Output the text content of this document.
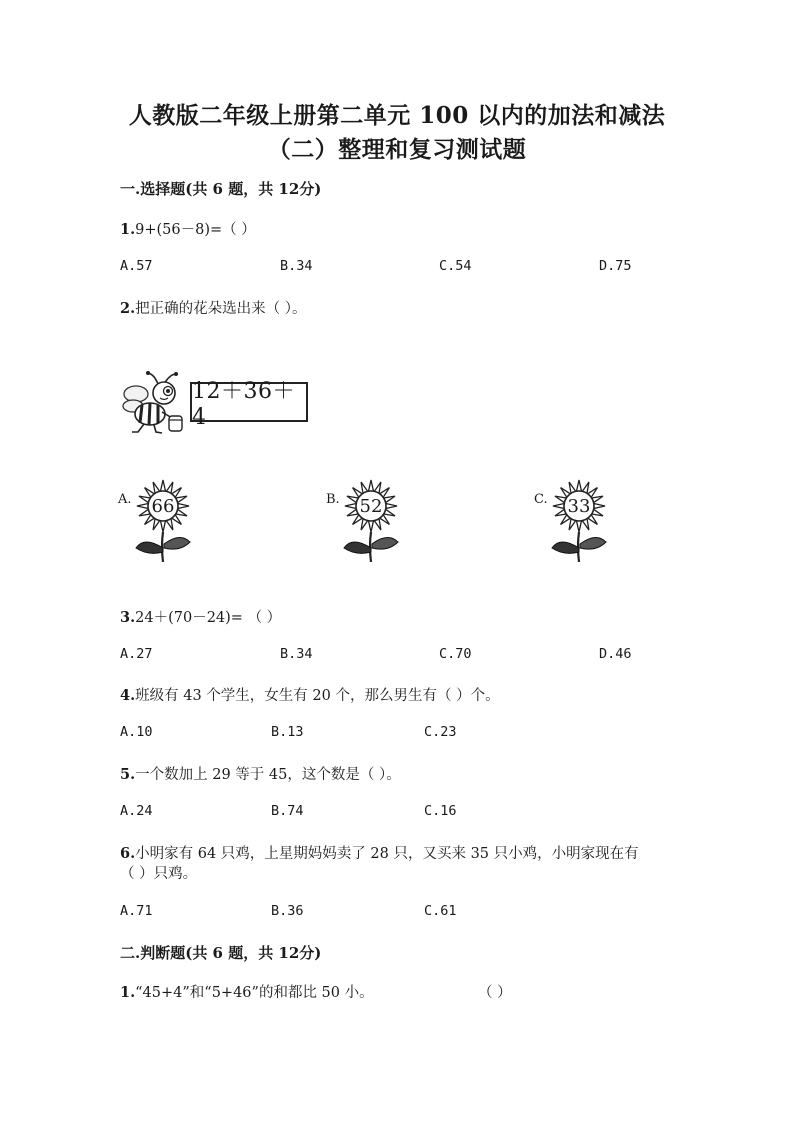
人教版二年级上册第二单元 100 以内的加法和减法
（二）整理和复习测试题
一.选择题(共 6 题，共 12分)
1.9+(56－8)=（ ）
A.57	B.34	C.54	D.75
2.把正确的花朵选出来（ ）。
12＋36＋4
A.	66	B.	52	C.	33
3.24＋(70－24)= （ ）
A.27	B.34	C.70	D.46
4.班级有 43 个学生，女生有 20 个，那么男生有（ ）个。
A.10	B.13	C.23
5.一个数加上 29 等于 45，这个数是（ ）。
A.24	B.74	C.16
6.小明家有 64 只鸡，上星期妈妈卖了 28 只，又买来 35 只小鸡，小明家现在有
（ ）只鸡。
A.71	B.36	C.61
二.判断题(共 6 题，共 12分)
1.“45+4”和“5+46”的和都比 50 小。	（ ）
